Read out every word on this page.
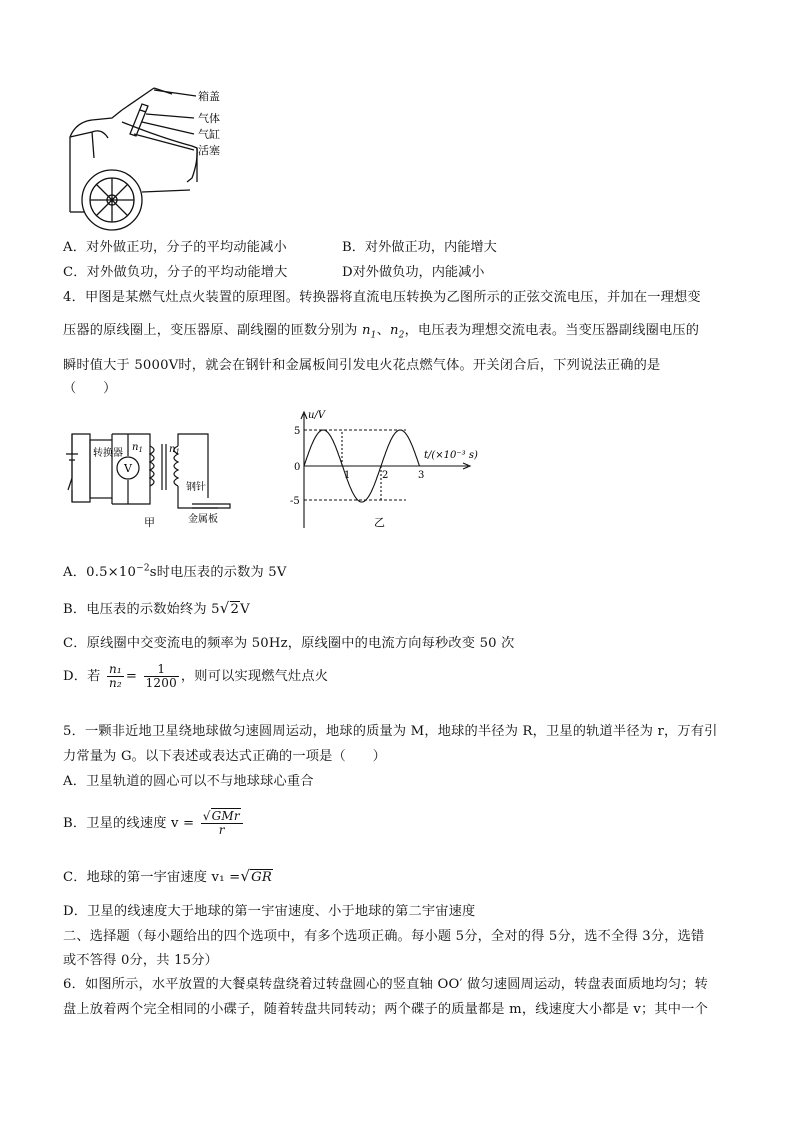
箱盖
气体
气缸
活塞
A．对外做正功，分子的平均动能减小	B．对外做正功，内能增大
C．对外做负功，分子的平均动能增大	D对外做负功，内能减小
4．甲图是某燃气灶点火装置的原理图。转换器将直流电压转换为乙图所示的正弦交流电压，并加在一理想变
压器的原线圈上，变压器原、副线圈的匝数分别为 $n_1$、$n_2$，电压表为理想交流电表。当变压器副线圈电压的
瞬时值大于 5000V时，就会在钢针和金属板间引发电火花点燃气体。开关闭合后，下列说法正确的是
（　　）
转换器
V
$n_1$	$n_1$
钢针
金属板
甲
u/V
t/(×10⁻³ s)
5
-5
0
1	2	3
乙
A．$0.5\times 10^{-2}s$时电压表的示数为 5V
B．电压表的示数始终为 5√2V
C．原线圈中交变流电的频率为 50Hz，原线圈中的电流方向每秒改变 50 次
D．若 $\frac{\text{n₁}}{\text{n₂}} = \frac{1}{1200}$ ，则可以实现燃气灶点火
5．一颗非近地卫星绕地球做匀速圆周运动，地球的质量为 M，地球的半径为 R，卫星的轨道半径为 r，万有引
力常量为 G。以下表述或表达式正确的一项是（　　）
A．卫星轨道的圆心可以不与地球球心重合
B．卫星的线速度 $v = \frac{\text{√GMr}}{r}$
C．地球的第一宇宙速度 v₁ =√GR
D．卫星的线速度大于地球的第一宇宙速度、小于地球的第二宇宙速度
二、选择题（每小题给出的四个选项中，有多个选项正确。每小题 5分，全对的得 5分，选不全得 3分，选错
或不答得 0分，共 15分）
6．如图所示，水平放置的大餐桌转盘绕着过转盘圆心的竖直轴 OO′ 做匀速圆周运动，转盘表面质地均匀；转
盘上放着两个完全相同的小碟子，随着转盘共同转动；两个碟子的质量都是 m，线速度大小都是 v；其中一个
